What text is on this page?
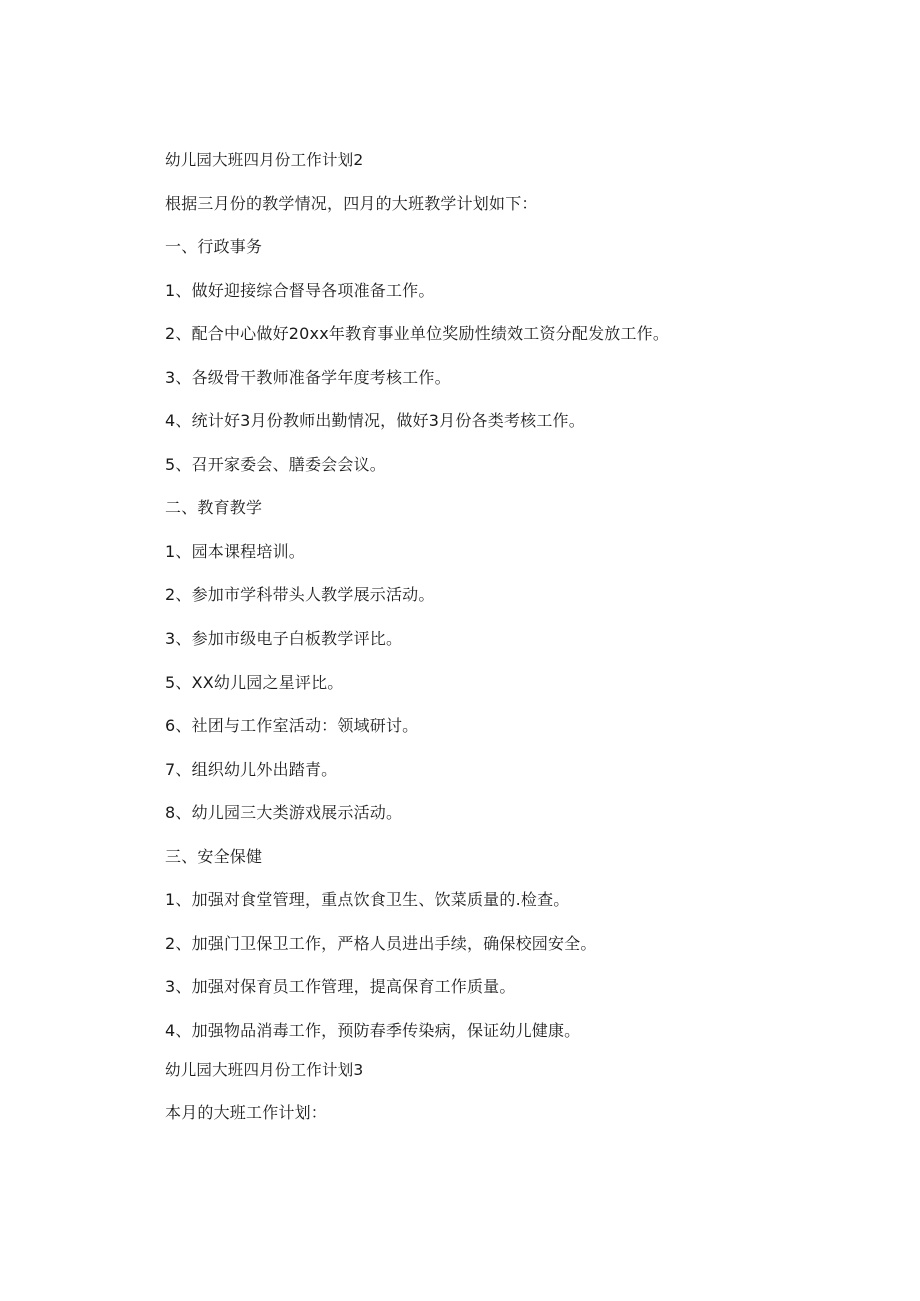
幼儿园大班四月份工作计划2

根据三月份的教学情况，四月的大班教学计划如下：

一、行政事务

1、做好迎接综合督导各项准备工作。

2、配合中心做好20xx年教育事业单位奖励性绩效工资分配发放工作。

3、各级骨干教师准备学年度考核工作。

4、统计好3月份教师出勤情况，做好3月份各类考核工作。

5、召开家委会、膳委会会议。

二、教育教学

1、园本课程培训。

2、参加市学科带头人教学展示活动。

3、参加市级电子白板教学评比。

5、XX幼儿园之星评比。

6、社团与工作室活动：领域研讨。

7、组织幼儿外出踏青。

8、幼儿园三大类游戏展示活动。

三、安全保健

1、加强对食堂管理，重点饮食卫生、饮菜质量的.检查。

2、加强门卫保卫工作，严格人员进出手续，确保校园安全。

3、加强对保育员工作管理，提高保育工作质量。

4、加强物品消毒工作，预防春季传染病，保证幼儿健康。

幼儿园大班四月份工作计划3

本月的大班工作计划：
